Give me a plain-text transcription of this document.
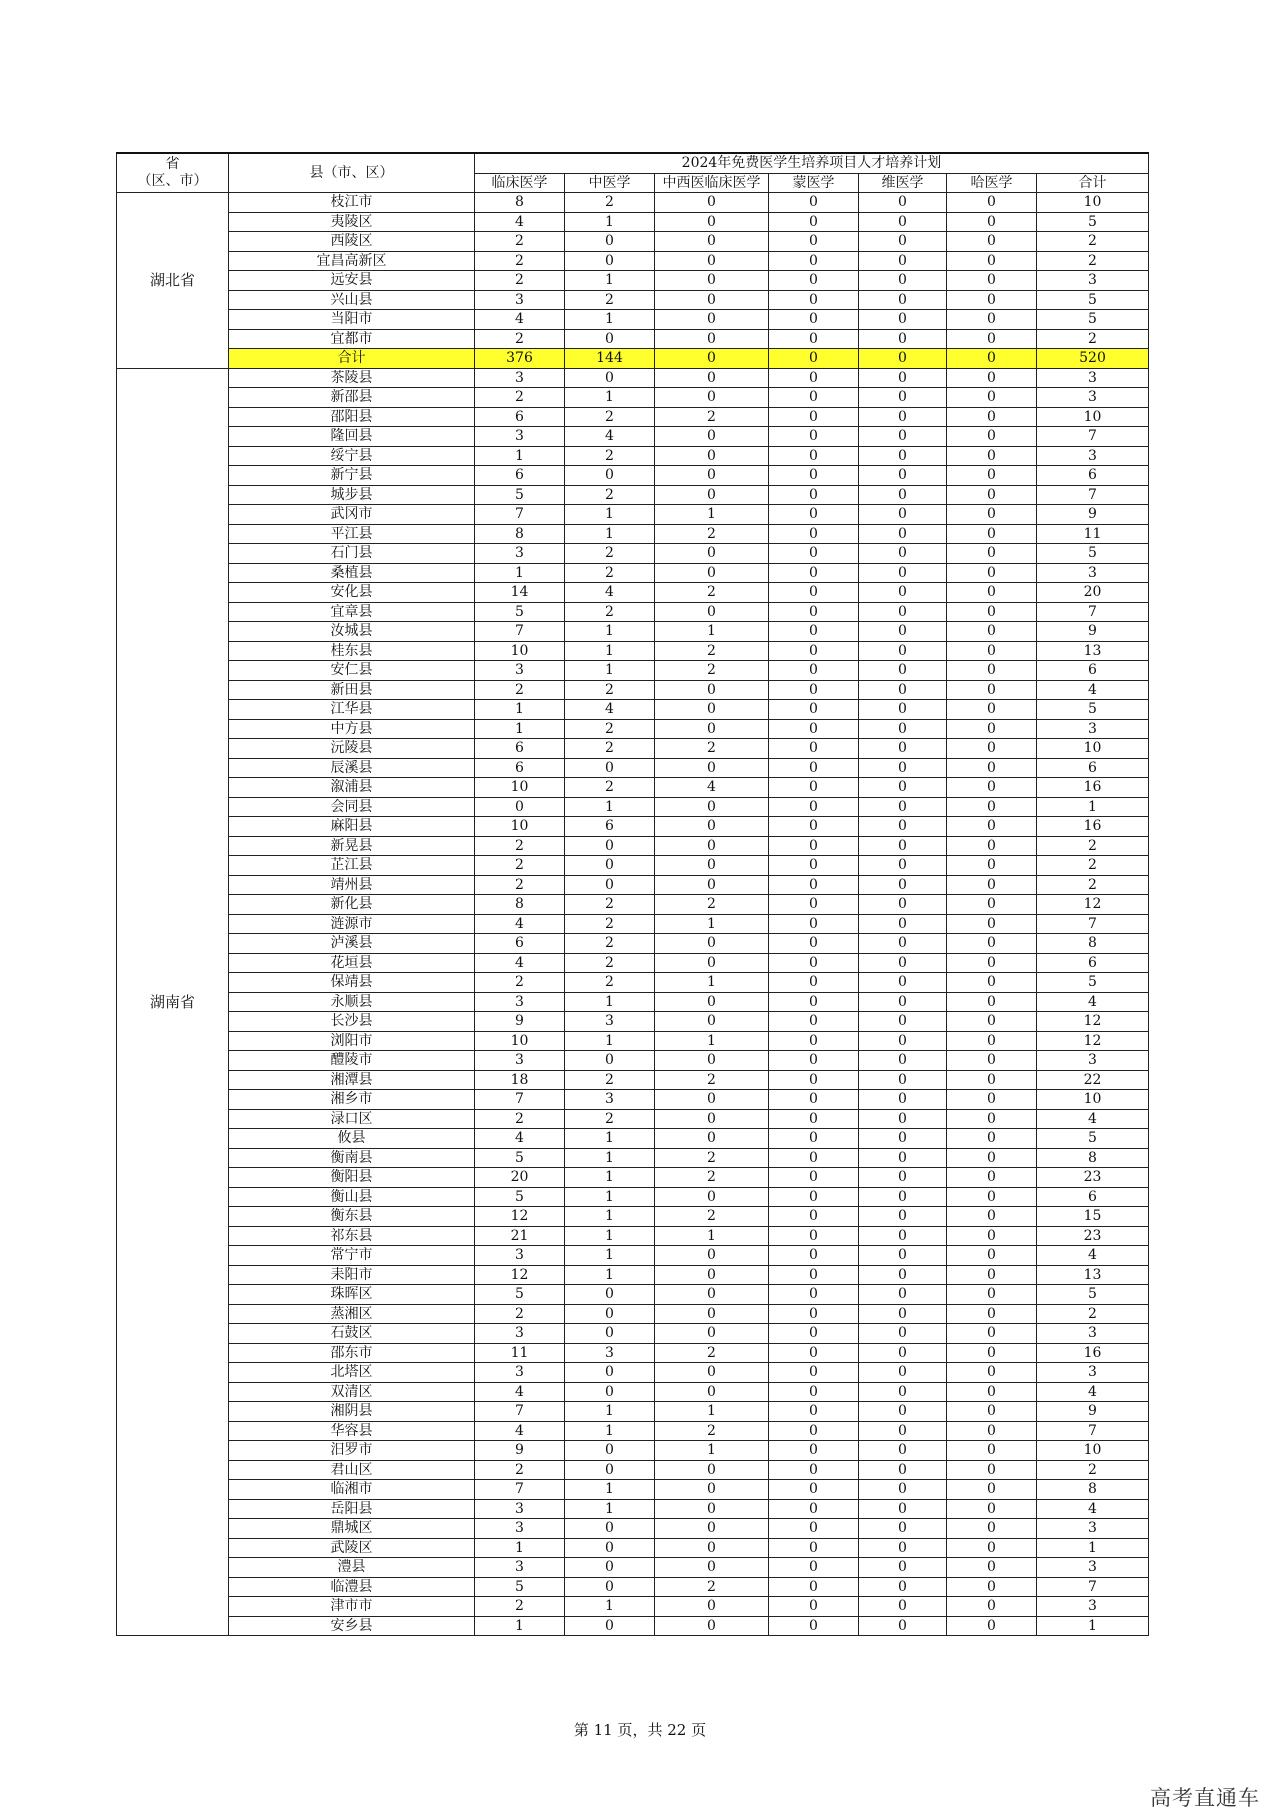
省
（区、市）	县（市、区）	2024年免费医学生培养项目人才培养计划						
		临床医学	中医学	中西医临床医学	蒙医学	维医学	哈医学	合计
湖北省	枝江市	8	2	0	0	0	0	10
	夷陵区	4	1	0	0	0	0	5
	西陵区	2	0	0	0	0	0	2
	宜昌高新区	2	0	0	0	0	0	2
	远安县	2	1	0	0	0	0	3
	兴山县	3	2	0	0	0	0	5
	当阳市	4	1	0	0	0	0	5
	宜都市	2	0	0	0	0	0	2
	合计	376	144	0	0	0	0	520
湖南省	茶陵县	3	0	0	0	0	0	3
	新邵县	2	1	0	0	0	0	3
	邵阳县	6	2	2	0	0	0	10
	隆回县	3	4	0	0	0	0	7
	绥宁县	1	2	0	0	0	0	3
	新宁县	6	0	0	0	0	0	6
	城步县	5	2	0	0	0	0	7
	武冈市	7	1	1	0	0	0	9
	平江县	8	1	2	0	0	0	11
	石门县	3	2	0	0	0	0	5
	桑植县	1	2	0	0	0	0	3
	安化县	14	4	2	0	0	0	20
	宜章县	5	2	0	0	0	0	7
	汝城县	7	1	1	0	0	0	9
	桂东县	10	1	2	0	0	0	13
	安仁县	3	1	2	0	0	0	6
	新田县	2	2	0	0	0	0	4
	江华县	1	4	0	0	0	0	5
	中方县	1	2	0	0	0	0	3
	沅陵县	6	2	2	0	0	0	10
	辰溪县	6	0	0	0	0	0	6
	溆浦县	10	2	4	0	0	0	16
	会同县	0	1	0	0	0	0	1
	麻阳县	10	6	0	0	0	0	16
	新晃县	2	0	0	0	0	0	2
	芷江县	2	0	0	0	0	0	2
	靖州县	2	0	0	0	0	0	2
	新化县	8	2	2	0	0	0	12
	涟源市	4	2	1	0	0	0	7
	泸溪县	6	2	0	0	0	0	8
	花垣县	4	2	0	0	0	0	6
	保靖县	2	2	1	0	0	0	5
	永顺县	3	1	0	0	0	0	4
	长沙县	9	3	0	0	0	0	12
	浏阳市	10	1	1	0	0	0	12
	醴陵市	3	0	0	0	0	0	3
	湘潭县	18	2	2	0	0	0	22
	湘乡市	7	3	0	0	0	0	10
	渌口区	2	2	0	0	0	0	4
	攸县	4	1	0	0	0	0	5
	衡南县	5	1	2	0	0	0	8
	衡阳县	20	1	2	0	0	0	23
	衡山县	5	1	0	0	0	0	6
	衡东县	12	1	2	0	0	0	15
	祁东县	21	1	1	0	0	0	23
	常宁市	3	1	0	0	0	0	4
	耒阳市	12	1	0	0	0	0	13
	珠晖区	5	0	0	0	0	0	5
	蒸湘区	2	0	0	0	0	0	2
	石鼓区	3	0	0	0	0	0	3
	邵东市	11	3	2	0	0	0	16
	北塔区	3	0	0	0	0	0	3
	双清区	4	0	0	0	0	0	4
	湘阴县	7	1	1	0	0	0	9
	华容县	4	1	2	0	0	0	7
	汨罗市	9	0	1	0	0	0	10
	君山区	2	0	0	0	0	0	2
	临湘市	7	1	0	0	0	0	8
	岳阳县	3	1	0	0	0	0	4
	鼎城区	3	0	0	0	0	0	3
	武陵区	1	0	0	0	0	0	1
	澧县	3	0	0	0	0	0	3
	临澧县	5	0	2	0	0	0	7
	津市市	2	1	0	0	0	0	3
	安乡县	1	0	0	0	0	0	1
第 11 页，共 22 页
高考直通车
